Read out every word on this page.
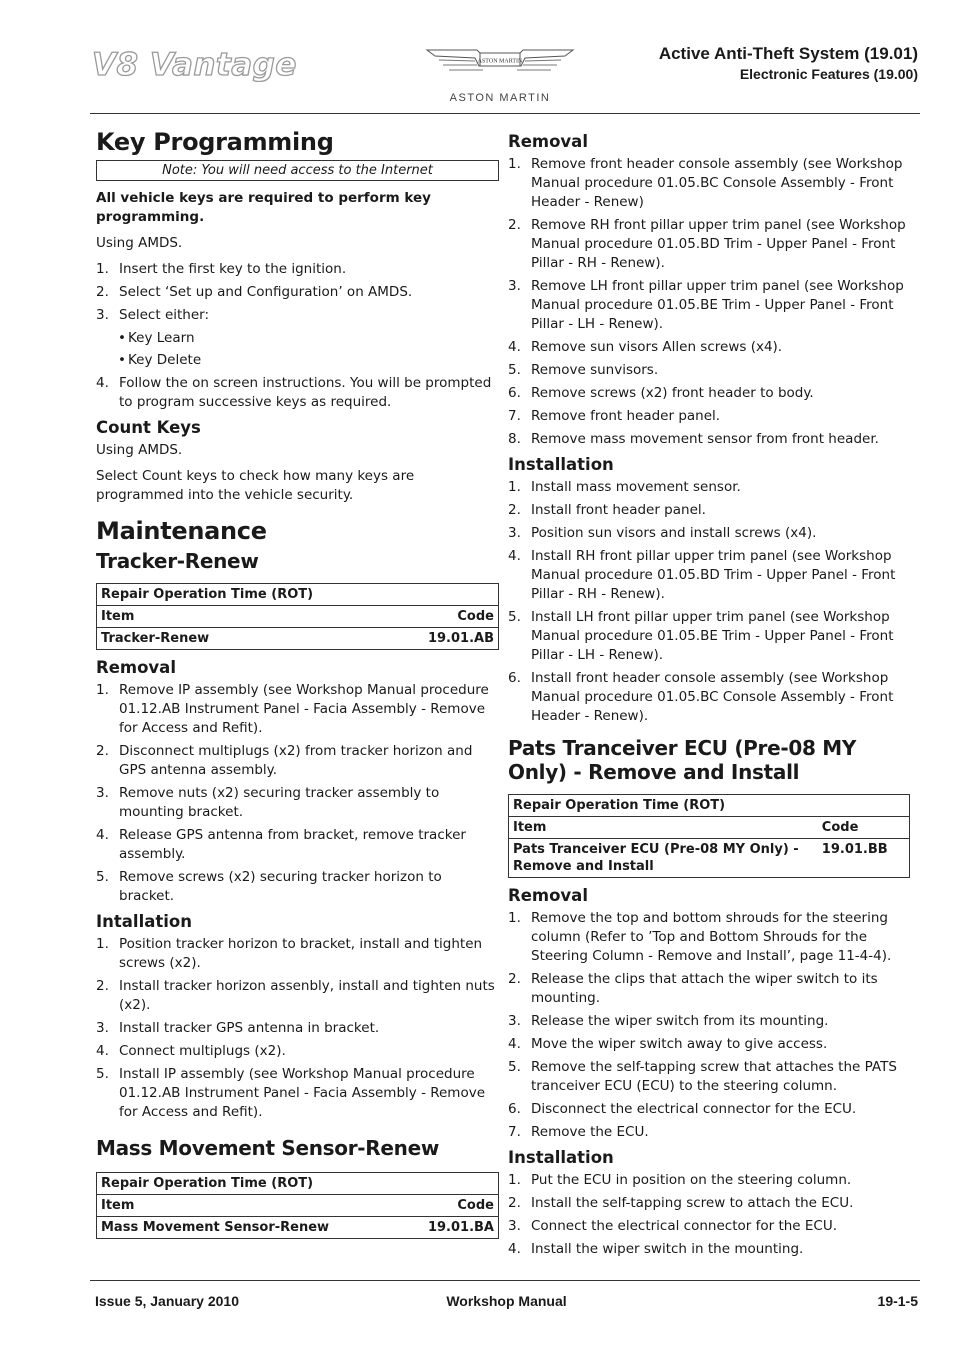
V8 Vantage	ASTON MARTIN
ASTON MARTIN
Active Anti-Theft System (19.01)
Electronic Features (19.00)
Key Programming
Note: You will need access to the Internet

All vehicle keys are required to perform key programming.

Using AMDS.

1. Insert the first key to the ignition.
2. Select ‘Set up and Configuration’ on AMDS.
3. Select either:
• Key Learn
• Key Delete
4. Follow the on screen instructions. You will be prompted to program successive keys as required.
Count Keys

Using AMDS.

Select Count keys to check how many keys are programmed into the vehicle security.

Maintenance
Tracker-Renew
Repair Operation Time (ROT)	
Item	Code
Tracker-Renew	19.01.AB
Removal
1. Remove IP assembly (see Workshop Manual procedure 01.12.AB Instrument Panel - Facia Assembly - Remove for Access and Refit).
2. Disconnect multiplugs (x2) from tracker horizon and GPS antenna assembly.
3. Remove nuts (x2) securing tracker assembly to mounting bracket.
4. Release GPS antenna from bracket, remove tracker assembly.
5. Remove screws (x2) securing tracker horizon to bracket.
Intallation
1. Position tracker horizon to bracket, install and tighten screws (x2).
2. Install tracker horizon assenbly, install and tighten nuts (x2).
3. Install tracker GPS antenna in bracket.
4. Connect multiplugs (x2).
5. Install IP assembly (see Workshop Manual procedure 01.12.AB Instrument Panel - Facia Assembly - Remove for Access and Refit).
Mass Movement Sensor-Renew
Repair Operation Time (ROT)	
Item	Code
Mass Movement Sensor-Renew	19.01.BA
Removal
1. Remove front header console assembly (see Workshop Manual procedure 01.05.BC Console Assembly - Front Header - Renew)
2. Remove RH front pillar upper trim panel (see Workshop Manual procedure 01.05.BD Trim - Upper Panel - Front Pillar - RH - Renew).
3. Remove LH front pillar upper trim panel (see Workshop Manual procedure 01.05.BE Trim - Upper Panel - Front Pillar - LH - Renew).
4. Remove sun visors Allen screws (x4).
5. Remove sunvisors.
6. Remove screws (x2) front header to body.
7. Remove front header panel.
8. Remove mass movement sensor from front header.
Installation
1. Install mass movement sensor.
2. Install front header panel.
3. Position sun visors and install screws (x4).
4. Install RH front pillar upper trim panel (see Workshop Manual procedure 01.05.BD Trim - Upper Panel - Front Pillar - RH - Renew).
5. Install LH front pillar upper trim panel (see Workshop Manual procedure 01.05.BE Trim - Upper Panel - Front Pillar - LH - Renew).
6. Install front header console assembly (see Workshop Manual procedure 01.05.BC Console Assembly - Front Header - Renew).
Pats Tranceiver ECU (Pre-08 MY Only) - Remove and Install
Repair Operation Time (ROT)	
Item	Code
Pats Tranceiver ECU (Pre-08 MY Only) - Remove and Install	19.01.BB
Removal
1. Remove the top and bottom shrouds for the steering column (Refer to ’Top and Bottom Shrouds for the Steering Column - Remove and Install’, page 11-4-4).
2. Release the clips that attach the wiper switch to its mounting.
3. Release the wiper switch from its mounting.
4. Move the wiper switch away to give access.
5. Remove the self-tapping screw that attaches the PATS tranceiver ECU (ECU) to the steering column.
6. Disconnect the electrical connector for the ECU.
7. Remove the ECU.
Installation
1. Put the ECU in position on the steering column.
2. Install the self-tapping screw to attach the ECU.
3. Connect the electrical connector for the ECU.
4. Install the wiper switch in the mounting.
Issue 5, January 2010	Workshop Manual	19-1-5
